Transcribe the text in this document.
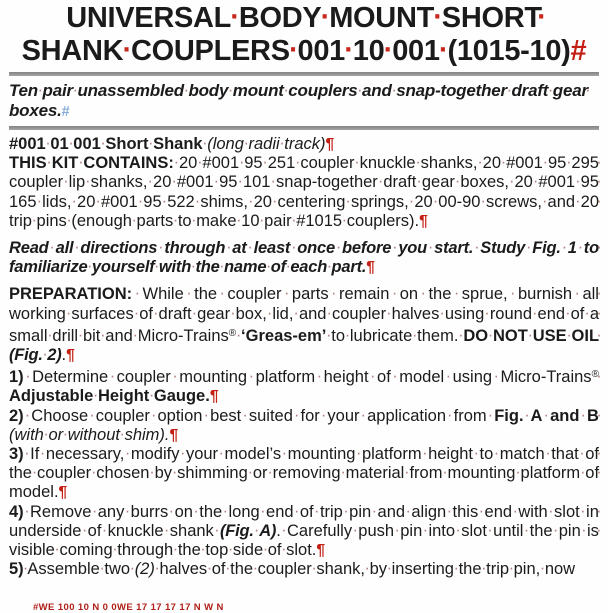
UNIVERSAL · BODY · MOUNT· SHORT
SHANK · COUPLERS · 001 · 10· 001 · (1015-10)#

Ten · pair · unassembled · body · mount · couplers · and· snap-together · draft · gear boxes.#

#001 · 01 · 001 · Short · Shank · (long · radii · track)¶

THIS · KIT · CONTAINS: · 20 · #001 · 95 · 251 · coupler· knuckle · shanks, · 20 · #001 · 95 · 295 coupler · lip · shanks, · 20 · #001 · 95 · 101 · snap-together · draft · gear· boxes, · 20 · #001 · 95 165 · lids, · 20 · #001 · 95 · 522· shims, · 20 · centering · springs, · 20 · 00-90 · screws, · and · 20 trip · pins · (enough · parts · to · make · 10 · pair · #1015 · couplers).¶

Read · all · directions · through · at · least · once · before· you · start. · Study · Fig. · 1 · to familiarize · yourself · with · the · name · of · each · part.¶

PREPARATION: · While · the · coupler · parts · remain · on· the · sprue, · burnish · all working · surfaces · of · draft · gear · box, · lid, · and · coupler · halves · using · round· end · of · a small · drill · bit · and · Micro-Trains® · ‘Greas-em’ · to · lubricate · them. · DO · NOT · USE · OIL (Fig. · 2).¶

1) · Determine · coupler · mounting · platform · height · of· model · using · Micro-Trains® Adjustable · Height · Gauge.¶

2) · Choose · coupler · option · best · suited · for · your· application · from · Fig. · A · and · B (with · or · without· shim).¶

3) · If · necessary, · modify · your · model’s · mounting· platform · height · to · match · that · of the · coupler · chosen · by · shimming · or · removing · material · from· mounting · platform · of model.¶

4) · Remove · any · burrs · on · the · long · end · of · trip · pin · and · align · this · end · with · slot · in underside · of · knuckle · shank · (Fig. · A). · Carefully · push· pin · into · slot · until · the · pin · is visible · coming· through · the · top · side · of · slot.¶

5) · Assemble · two · (2) · halves · of · the · coupler · shank, · by · inserting · the · trip · pin, · now

#WE 100 10 N 0 0WE 17 17 17 17 N W N
